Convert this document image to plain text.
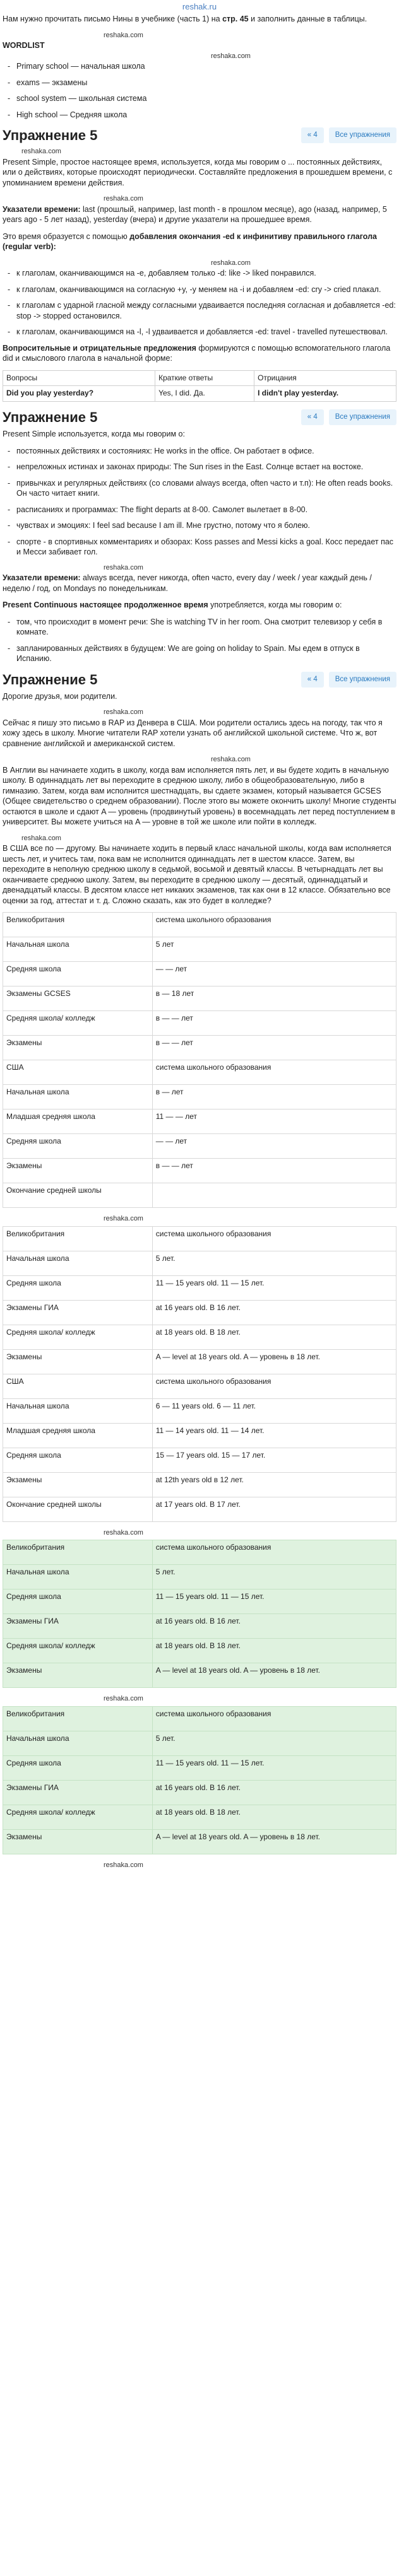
reshak.ru

Нам нужно прочитать письмо Нины в учебнике (часть 1) на стр. 45 и заполнить данные в таблицы.

reshaka.com
WORDLIST
reshaka.com
- Primary school — начальная школа
- exams — экзамены
- school system — школьная система
- High school — Средняя школа
Упражнение 5	« 4	Все упражнения
reshaka.com

Present Simple, простое настоящее время, используется, когда мы говорим о ... постоянных действиях, или о действиях, которые происходят периодически. Составляйте предложения в прошедшем времени, с упоминанием времени действия.

reshaka.com

Указатели времени: last (прошлый, например, last month - в прошлом месяце), ago (назад, например, 5 years ago - 5 лет назад), yesterday (вчера) и другие указатели на прошедшее время.

Это время образуется с помощью добавления окончания -ed к инфинитиву правильного глагола (regular verb):

reshaka.com
- к глаголам, оканчивающимся на -e, добавляем только -d: like -> liked понравился.
- к глаголам, оканчивающимся на согласную +y, -y меняем на -i и добавляем -ed: cry -> cried плакал.
- к глаголам с ударной гласной между согласными удваивается последняя согласная и добавляется -ed: stop -> stopped остановился.
- к глаголам, оканчивающимся на -l, -l удваивается и добавляется -ed: travel - travelled путешествовал.

Вопросительные и отрицательные предложения формируются с помощью вспомогательного глагола did и смыслового глагола в начальной форме:

Вопросы	Краткие ответы	Отрицания
Did you play yesterday?	Yes, I did. Да.	I didn't play yesterday.
Упражнение 5	« 4	Все упражнения

Present Simple используется, когда мы говорим о:

- постоянных действиях и состояниях: He works in the office. Он работает в офисе.
- непреложных истинах и законах природы: The Sun rises in the East. Солнце встает на востоке.
- привычках и регулярных действиях (со словами always всегда, often часто и т.п): He often reads books. Он часто читает книги.
- расписаниях и программах: The flight departs at 8-00. Самолет вылетает в 8-00.
- чувствах и эмоциях: I feel sad because I am ill. Мне грустно, потому что я болею.
- спорте - в спортивных комментариях и обзорах: Koss passes and Messi kicks a goal. Косс передает пас и Месси забивает гол.
reshaka.com

Указатели времени: always всегда, never никогда, often часто, every day / week / year каждый день / неделю / год, on Mondays по понедельникам.

Present Continuous настоящее продолженное время употребляется, когда мы говорим о:

- том, что происходит в момент речи: She is watching TV in her room. Она смотрит телевизор у себя в комнате.
- запланированных действиях в будущем: We are going on holiday to Spain. Мы едем в отпуск в Испанию.
Упражнение 5	« 4	Все упражнения

Дорогие друзья, мои родители.

reshaka.com

Сейчас я пишу это письмо в RAP из Денвера в США. Мои родители остались здесь на погоду, так что я хожу здесь в школу. Многие читатели RAP хотели узнать об английской школьной системе. Что ж, вот сравнение английской и американской систем.

reshaka.com

В Англии вы начинаете ходить в школу, когда вам исполняется пять лет, и вы будете ходить в начальную школу. В одиннадцать лет вы переходите в среднюю школу, либо в общеобразовательную, либо в гимназию. Затем, когда вам исполнится шестнадцать, вы сдаете экзамен, который называется GCSES (Общее свидетельство о среднем образовании). После этого вы можете окончить школу! Многие студенты остаются в школе и сдают A — уровень (продвинутый уровень) в восемнадцать лет перед поступлением в университет. Вы можете учиться на A — уровне в той же школе или пойти в колледж.

reshaka.com

В США все по — другому. Вы начинаете ходить в первый класс начальной школы, когда вам исполняется шесть лет, и учитесь там, пока вам не исполнится одиннадцать лет в шестом классе. Затем, вы переходите в неполную среднюю школу в седьмой, восьмой и девятый классы. В четырнадцать лет вы оканчиваете среднюю школу. Затем, вы переходите в среднюю школу — десятый, одиннадцатый и двенадцатый классы. В десятом классе нет никаких экзаменов, так как они в 12 классе. Обязательно все оценки за год, аттестат и т. д. Сложно сказать, как это будет в колледже?

Великобритания	система школьного образования
Начальная школа	5 лет
Средняя школа	— — лет
Экзамены GCSES	в — 18 лет
Средняя школа/ колледж	в — — лет
Экзамены	в — — лет
США	система школьного образования
Начальная школа	в — лет
Младшая средняя школа	11 — — лет
Средняя школа	— — лет
Экзамены	в — — лет
Окончание средней школы	
reshaka.com
Великобритания	система школьного образования
Начальная школа	5 лет.
Средняя школа	11 — 15 years old. 11 — 15 лет.
Экзамены ГИА	at 16 years old. В 16 лет.
Средняя школа/ колледж	at 18 years old. В 18 лет.
Экзамены	A — level at 18 years old. A — уровень в 18 лет.
США	система школьного образования
Начальная школа	6 — 11 years old. 6 — 11 лет.
Младшая средняя школа	11 — 14 years old. 11 — 14 лет.
Средняя школа	15 — 17 years old. 15 — 17 лет.
Экзамены	at 12th years old в 12 лет.
Окончание средней школы	at 17 years old. В 17 лет.
reshaka.com
Великобритания	система школьного образования
Начальная школа	5 лет.
Средняя школа	11 — 15 years old. 11 — 15 лет.
Экзамены ГИА	at 16 years old. В 16 лет.
Средняя школа/ колледж	at 18 years old. В 18 лет.
Экзамены	A — level at 18 years old. A — уровень в 18 лет.
reshaka.com
Великобритания	система школьного образования
Начальная школа	5 лет.
Средняя школа	11 — 15 years old. 11 — 15 лет.
Экзамены ГИА	at 16 years old. В 16 лет.
Средняя школа/ колледж	at 18 years old. В 18 лет.
Экзамены	A — level at 18 years old. A — уровень в 18 лет.
reshaka.com
